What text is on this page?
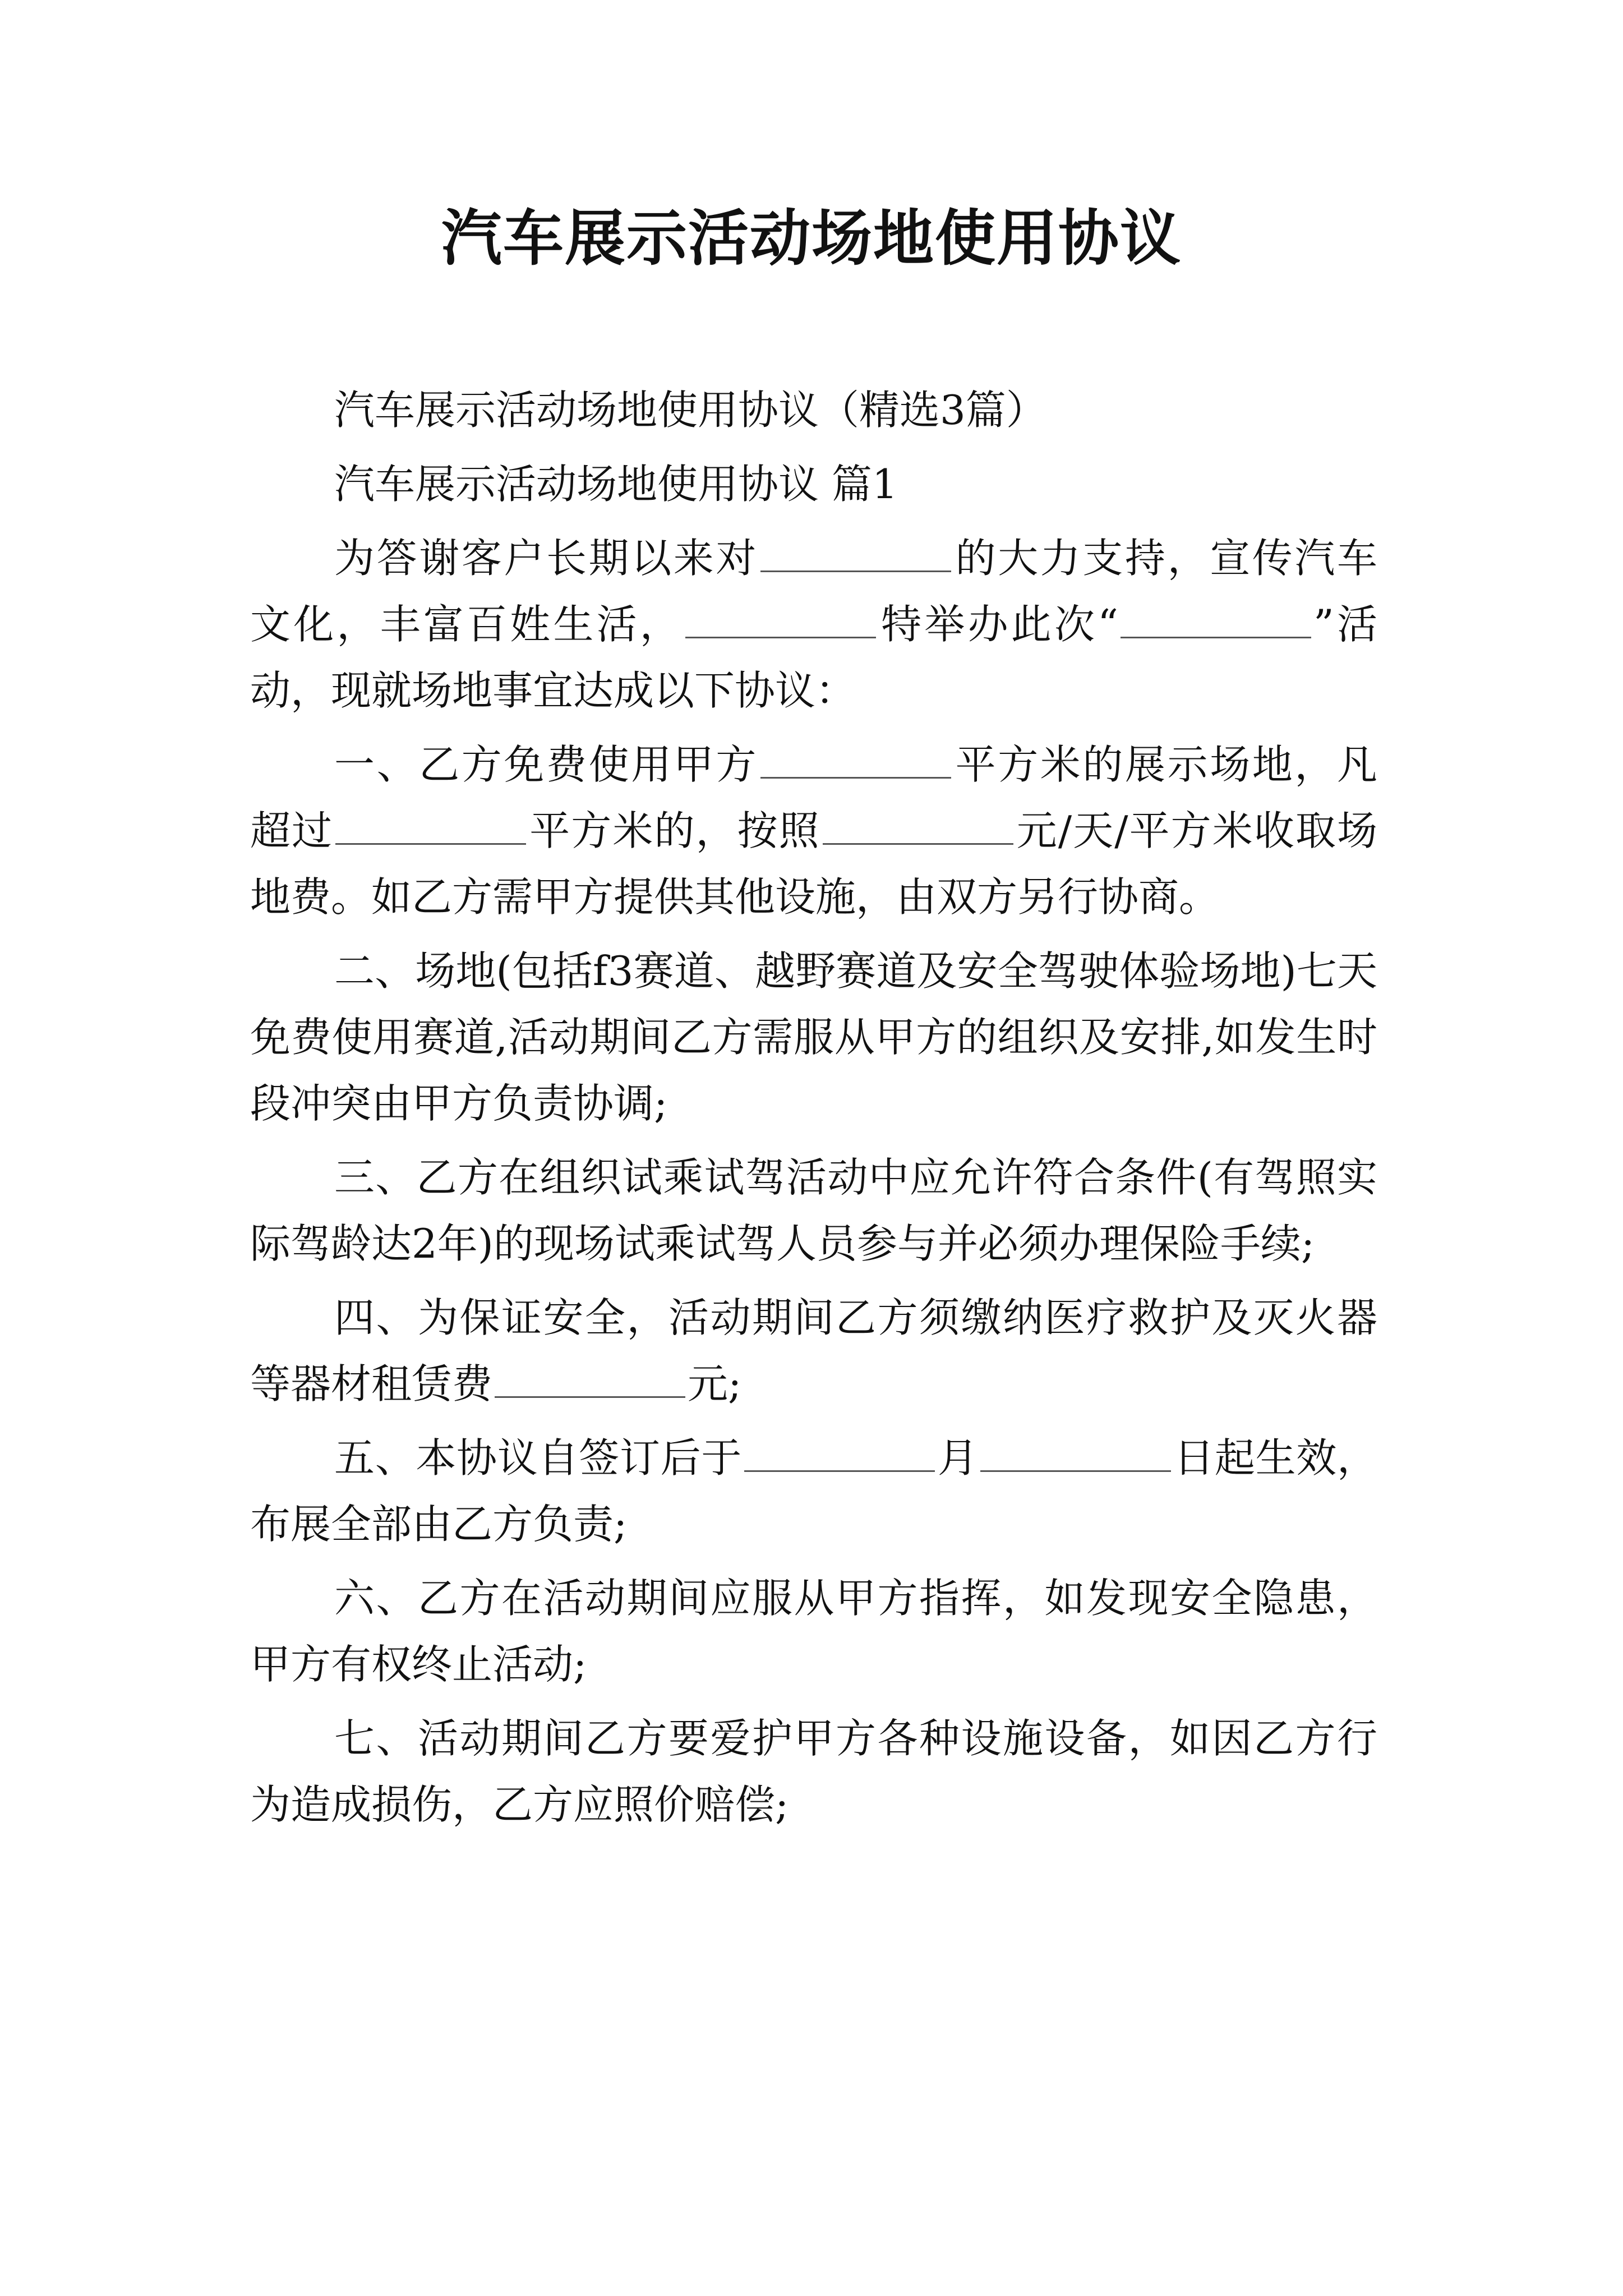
汽车展示活动场地使用协议

汽车展示活动场地使用协议（精选3篇）

汽车展示活动场地使用协议 篇1

为答谢客户长期以来对	的大力支持，宣传汽车文化，丰富百姓生活，	特举办此次“	”活动，现就场地事宜达成以下协议：

一、乙方免费使用甲方	平方米的展示场地，凡超过	平方米的，按照	元/天/平方米收取场地费。如乙方需甲方提供其他设施，由双方另行协商。

二、场地(包括f3赛道、越野赛道及安全驾驶体验场地)七天免费使用赛道,活动期间乙方需服从甲方的组织及安排,如发生时段冲突由甲方负责协调;

三、乙方在组织试乘试驾活动中应允许符合条件(有驾照实际驾龄达2年)的现场试乘试驾人员参与并必须办理保险手续;

四、为保证安全，活动期间乙方须缴纳医疗救护及灭火器等器材租赁费	元;

五、本协议自签订后于	月	日起生效，布展全部由乙方负责;

六、乙方在活动期间应服从甲方指挥，如发现安全隐患，甲方有权终止活动;

七、活动期间乙方要爱护甲方各种设施设备，如因乙方行为造成损伤，乙方应照价赔偿;
